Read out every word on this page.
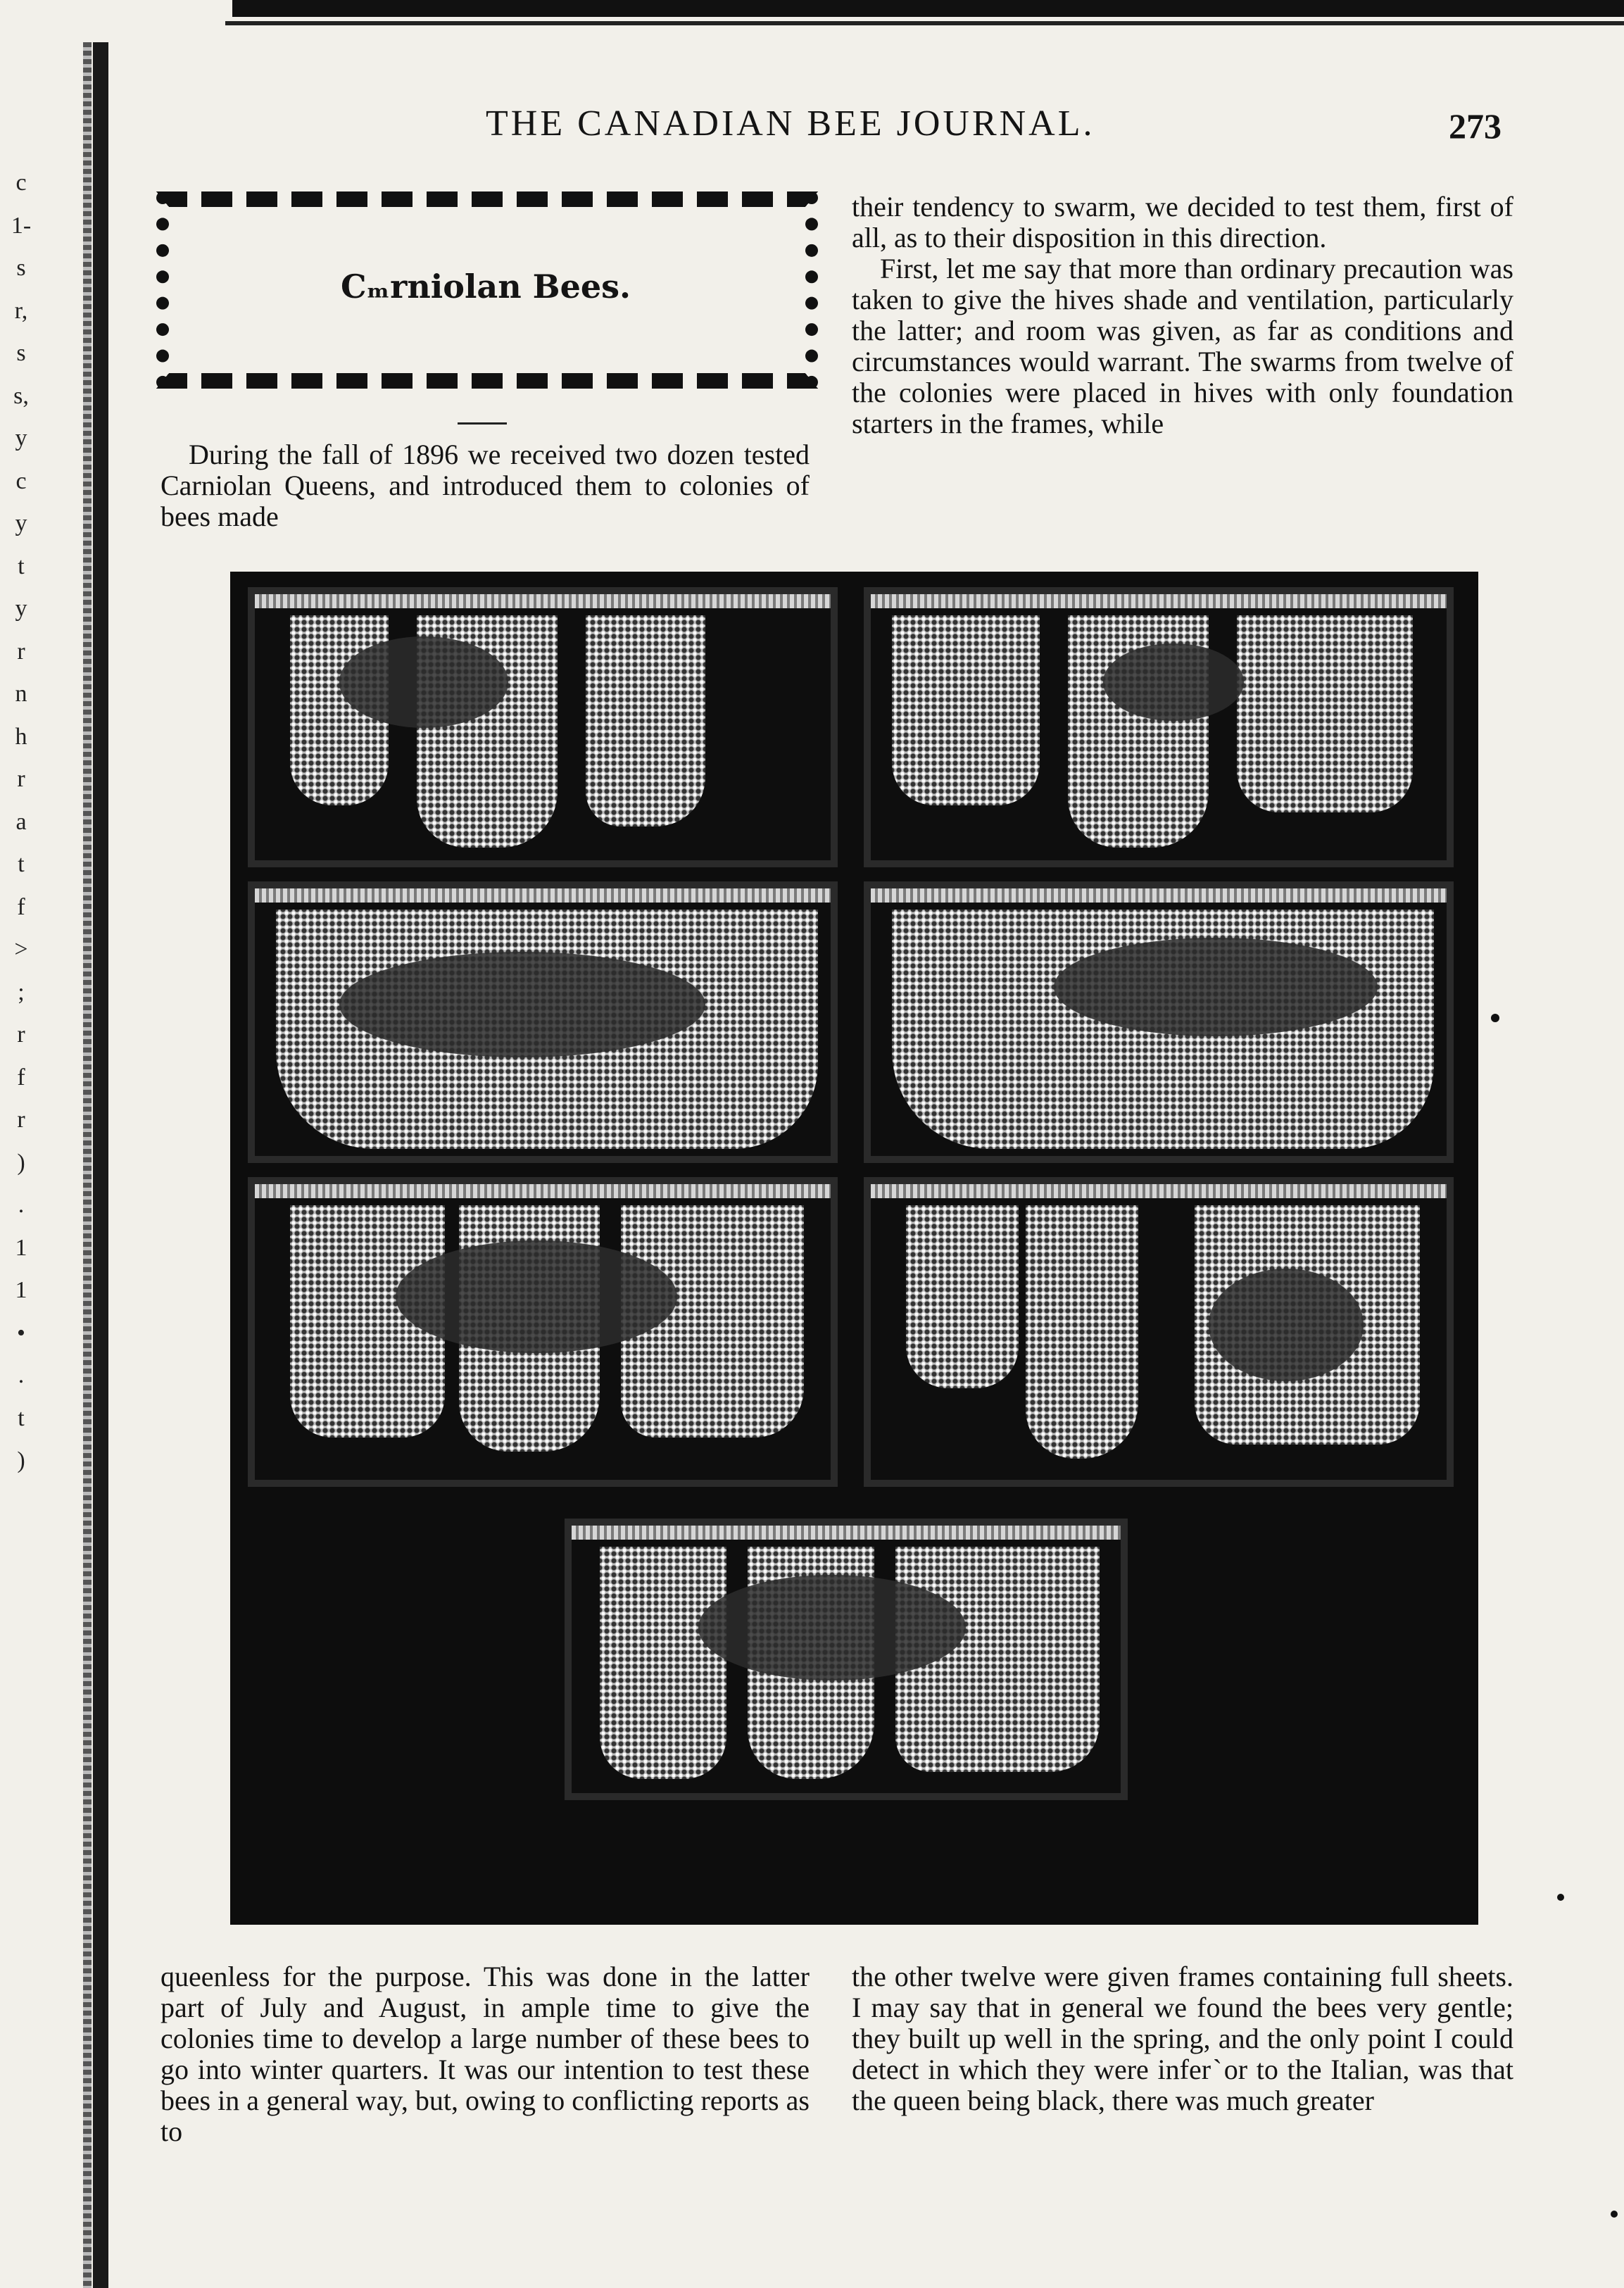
c
1-
s
r,
s
s,
y
c
y
t
y
r
n
h
r
a
t
f
>
;
r
f
r
)
.
1
1
•
.
t
)
THE CANADIAN BEE JOURNAL.	273
Cₘrniolan Bees.

During the fall of 1896 we received two dozen tested Carniolan Queens, and introduced them to colonies of bees made

their tendency to swarm, we decided to test them, first of all, as to their disposition in this direction.

First, let me say that more than ordinary precaution was taken to give the hives shade and ventilation, particularly the latter; and room was given, as far as conditions and circumstances would warrant. The swarms from twelve of the colonies were placed in hives with only foundation starters in the frames, while

queenless for the purpose. This was done in the latter part of July and August, in ample time to give the colonies time to develop a large number of these bees to go into winter quarters. It was our intention to test these bees in a general way, but, owing to conflicting reports as to

the other twelve were given frames containing full sheets. I may say that in general we found the bees very gentle; they built up well in the spring, and the only point I could detect in which they were inferˋor to the Italian, was that the queen being black, there was much greater
